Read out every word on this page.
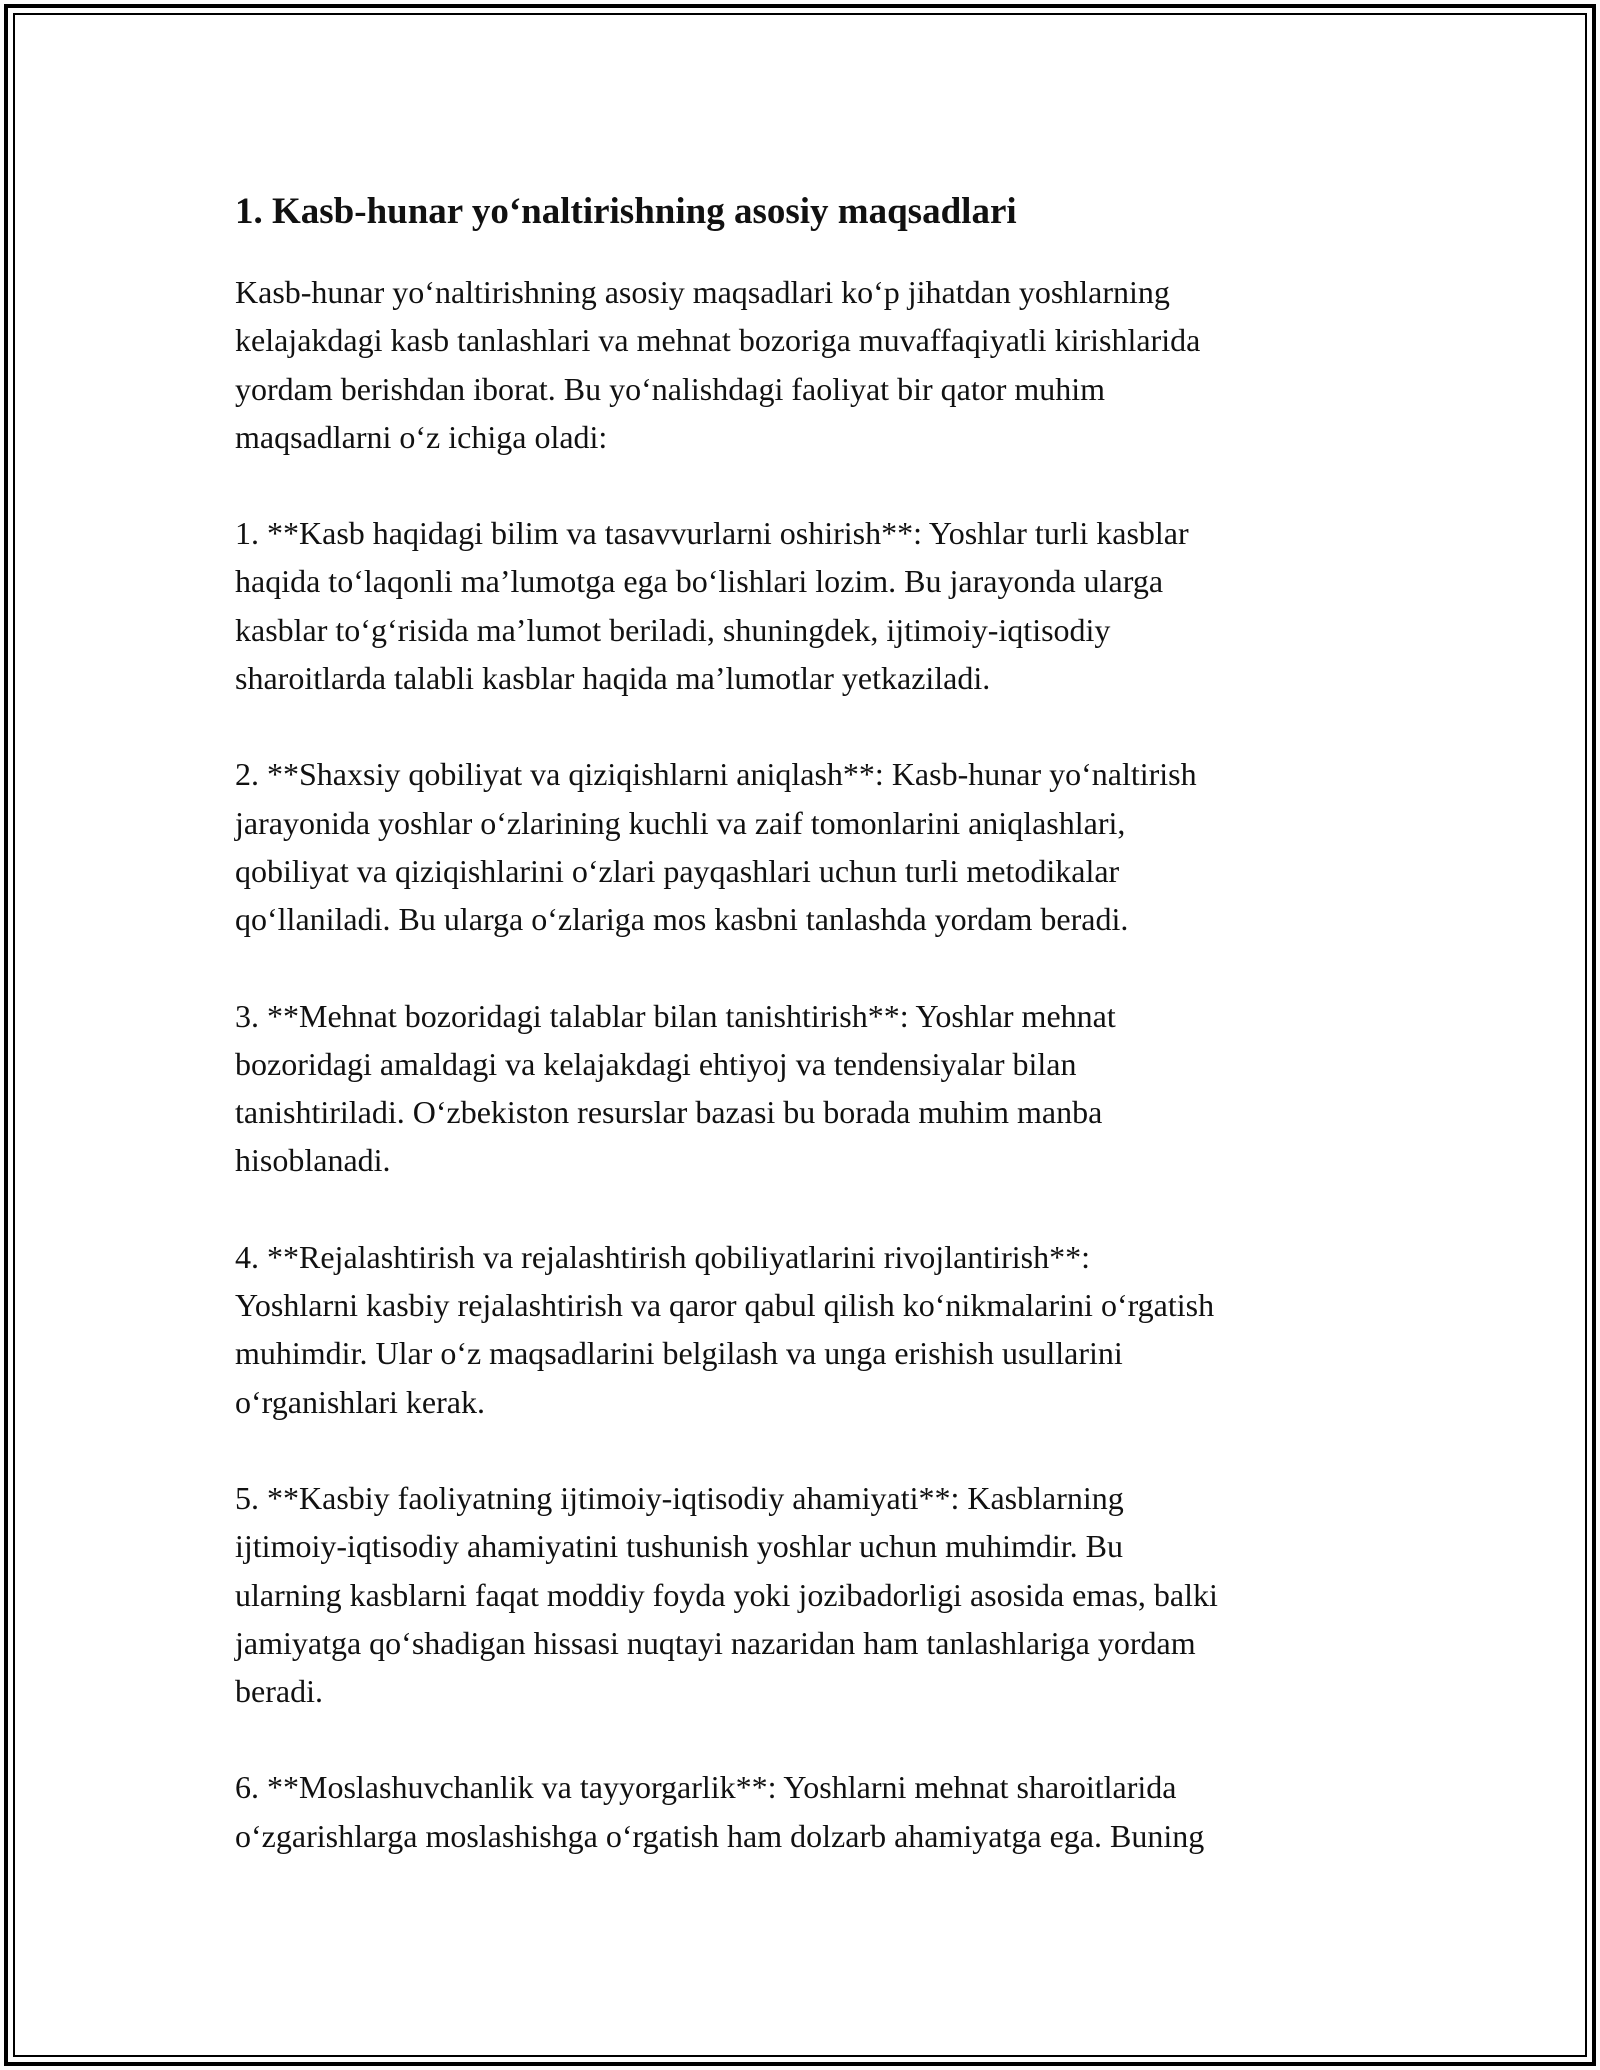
1. Kasb-hunar yo‘naltirishning asosiy maqsadlari

Kasb-hunar yo‘naltirishning asosiy maqsadlari ko‘p jihatdan yoshlarning
kelajakdagi kasb tanlashlari va mehnat bozoriga muvaffaqiyatli kirishlarida
yordam berishdan iborat. Bu yo‘nalishdagi faoliyat bir qator muhim
maqsadlarni o‘z ichiga oladi:

1. **Kasb haqidagi bilim va tasavvurlarni oshirish**: Yoshlar turli kasblar
haqida to‘laqonli ma’lumotga ega bo‘lishlari lozim. Bu jarayonda ularga
kasblar to‘g‘risida ma’lumot beriladi, shuningdek, ijtimoiy-iqtisodiy
sharoitlarda talabli kasblar haqida ma’lumotlar yetkaziladi.

2. **Shaxsiy qobiliyat va qiziqishlarni aniqlash**: Kasb-hunar yo‘naltirish
jarayonida yoshlar o‘zlarining kuchli va zaif tomonlarini aniqlashlari,
qobiliyat va qiziqishlarini o‘zlari payqashlari uchun turli metodikalar
qo‘llaniladi. Bu ularga o‘zlariga mos kasbni tanlashda yordam beradi.

3. **Mehnat bozoridagi talablar bilan tanishtirish**: Yoshlar mehnat
bozoridagi amaldagi va kelajakdagi ehtiyoj va tendensiyalar bilan
tanishtiriladi. O‘zbekiston resurslar bazasi bu borada muhim manba
hisoblanadi.

4. **Rejalashtirish va rejalashtirish qobiliyatlarini rivojlantirish**:
Yoshlarni kasbiy rejalashtirish va qaror qabul qilish ko‘nikmalarini o‘rgatish
muhimdir. Ular o‘z maqsadlarini belgilash va unga erishish usullarini
o‘rganishlari kerak.

5. **Kasbiy faoliyatning ijtimoiy-iqtisodiy ahamiyati**: Kasblarning
ijtimoiy-iqtisodiy ahamiyatini tushunish yoshlar uchun muhimdir. Bu
ularning kasblarni faqat moddiy foyda yoki jozibadorligi asosida emas, balki
jamiyatga qo‘shadigan hissasi nuqtayi nazaridan ham tanlashlariga yordam
beradi.

6. **Moslashuvchanlik va tayyorgarlik**: Yoshlarni mehnat sharoitlarida
o‘zgarishlarga moslashishga o‘rgatish ham dolzarb ahamiyatga ega. Buning
